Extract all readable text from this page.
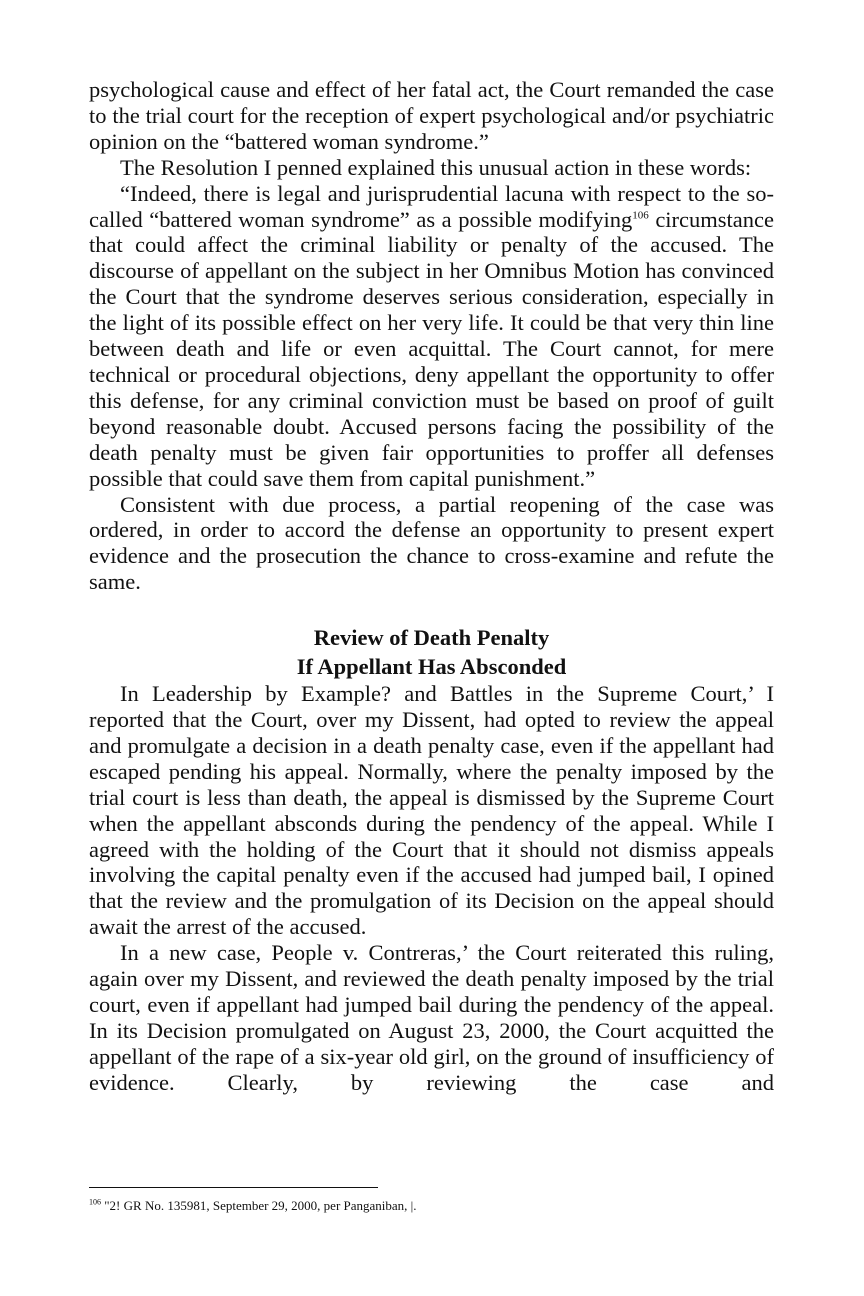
psychological cause and effect of her fatal act, the Court remanded the case to the trial court for the reception of expert psychological and/or psychiatric opinion on the “battered woman syndrome.”

The Resolution I penned explained this unusual action in these words:

“Indeed, there is legal and jurisprudential lacuna with respect to the so-called “battered woman syndrome” as a possible modifying$^{106}$ circumstance that could affect the criminal liability or penalty of the accused. The discourse of appellant on the subject in her Omnibus Motion has convinced the Court that the syndrome deserves serious consideration, especially in the light of its possible effect on her very life. It could be that very thin line between death and life or even acquittal. The Court cannot, for mere technical or procedural objections, deny appellant the opportunity to offer this defense, for any criminal conviction must be based on proof of guilt beyond reasonable doubt. Accused persons facing the possibility of the death penalty must be given fair opportunities to proffer all defenses possible that could save them from capital punishment.”

Consistent with due process, a partial reopening of the case was ordered, in order to accord the defense an opportunity to present expert evidence and the prosecution the chance to cross-examine and refute the same.

Review of Death Penalty
If Appellant Has Absconded

In Leadership by Example? and Battles in the Supreme Court,’ I reported that the Court, over my Dissent, had opted to review the appeal and promulgate a decision in a death penalty case, even if the appellant had escaped pending his appeal. Normally, where the penalty imposed by the trial court is less than death, the appeal is dismissed by the Supreme Court when the appellant absconds during the pendency of the appeal. While I agreed with the holding of the Court that it should not dismiss appeals involving the capital penalty even if the accused had jumped bail, I opined that the review and the promulgation of its Decision on the appeal should await the arrest of the accused.

In a new case, People v. Contreras,’ the Court reiterated this ruling, again over my Dissent, and reviewed the death penalty imposed by the trial court, even if appellant had jumped bail during the pendency of the appeal. In its Decision promulgated on August 23, 2000, the Court acquitted the appellant of the rape of a six-year old girl, on the ground of insufficiency of evidence. Clearly, by reviewing the case and

$^{106}$ "2! GR No. 135981, September 29, 2000, per Panganiban, |.
